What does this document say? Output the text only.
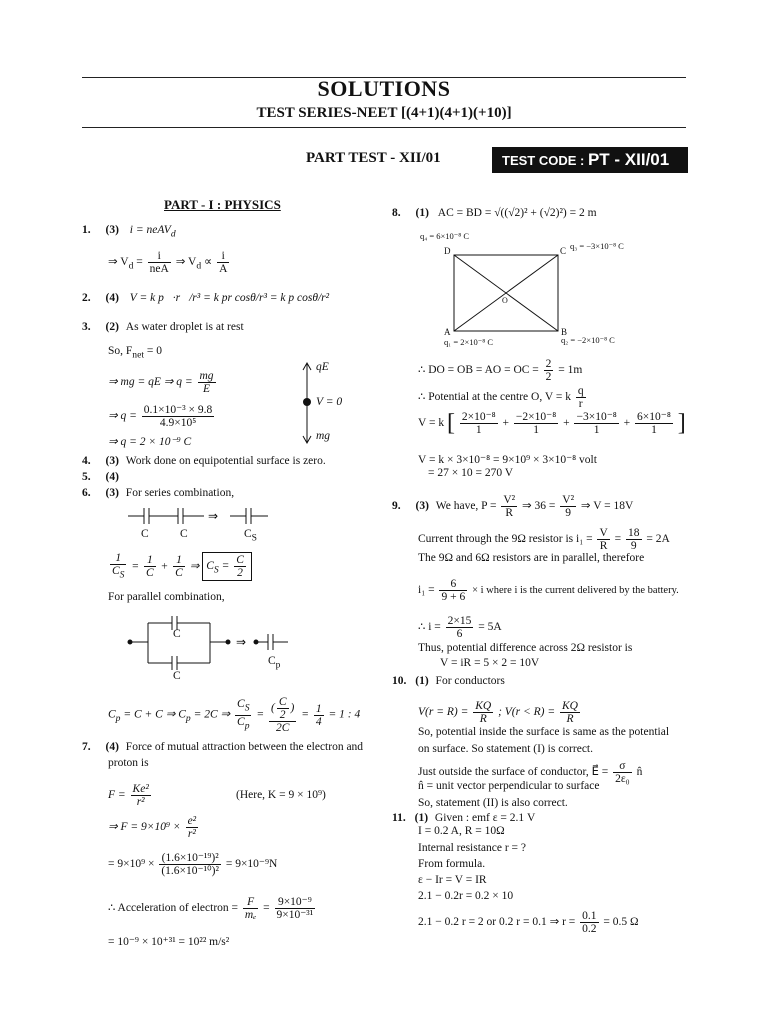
SOLUTIONS
TEST SERIES-NEET [(4+1)(4+1)(+10)]
PART TEST - XII/01	TEST CODE : PT - XII/01
PART - I : PHYSICS
1. (3) i = neAV$_d$
⇒ $V_d = \frac{i}{\text{neA}}$ ⇒ $V_d \propto \frac{i}{A}$
2. (4) V = k p⃗·r⃗/r³ = k pr cosθ/r³ = k p cosθ/r²
3. (2) As water droplet is at rest
So, $F_{net} = 0$
⇒ mg = qE ⇒ $q = \frac{mg}{E}$
⇒ $q = \frac{\text{0.1×10⁻³ × 9.8}}{\text{4.9×10⁵}}$
⇒ q = 2 × 10⁻⁹ C
qE
V = 0
mg
4. (3) Work done on equipotential surface is zero.
5. (4)
6. (3) For series combination,
⇒
C	C	$C_S$
$\frac{1}{C_S} = \frac{1}{C} + \frac{1}{C}$ ⇒ $C_S = \frac{C}{2}$
For parallel combination,
⇒
C
C
$C_p$
$C_p = C + C$ ⇒ $C_p = 2C$ ⇒ $\frac{C_S}{C_p} = \frac{( \frac{C}{2} )}{2C} = \frac{1}{4} = 1$ : 4
7. (4) Force of mutual attraction between the electron and
proton is
$F = \frac{\text{Ke²}}{\text{r²}}$	(Here, K = 9 × 10⁹)
⇒ $F = 9\times 10^9 \times \frac{\text{e²}}{\text{r²}}$
= $9\times 10^9 \times \frac{\text{(1.6×10⁻¹⁹)²}}{\text{(1.6×10⁻¹⁰)²}} = 9\times 10^{-9}N$
∴ Acceleration of electron = $\frac{F}{\text{mₑ}} = \frac{\text{9×10⁻⁹}}{\text{9×10⁻³¹}}$
= 10⁻⁹ × 10⁺³¹ = 10²² m/s²
8. (1) AC = BD = √((√2)² + (√2)²) = 2 m
q₄ = 6×10⁻⁸ C
q₃ = −3×10⁻⁸ C
D	C
O
A	B
q₁ = 2×10⁻⁸ C	q₂ = −2×10⁻⁸ C
∴ DO = OB = AO = OC = $\frac{2}{2} = 1m$
∴ Potential at the centre O, V = k $\frac{q}{r}$
V = k [ $\frac{\text{2×10⁻⁸}}{1} + \frac{\text{−2×10⁻⁸}}{1} + \frac{\text{−3×10⁻⁸}}{1} + \frac{\text{6×10⁻⁸}}{1}$ ]
V = k × 3×10⁻⁸ = 9×10⁹ × 3×10⁻⁸ volt
= 27 × 10 = 270 V
9. (3) We have, $P = \frac{\text{V²}}{R}$ ⇒ $36 = \frac{\text{V²}}{9}$ ⇒ V = 18V
Current through the 9Ω resistor is $i_1 = \frac{V}{R} = \frac{18}{9} = 2A$
The 9Ω and 6Ω resistors are in parallel, therefore
$i_1 = \frac{6}{9 + 6} \times i$ where i is the current delivered by the battery.
∴ $i = \frac{2\times 15}{6} = 5A$
Thus, potential difference across 2Ω resistor is
V = iR = 5 × 2 = 10V
10. (1) For conductors
$V(r = R) = \frac{KQ}{R}$ ; $V(r < R) = \frac{KQ}{R}$
So, potential inside the surface is same as the potential
on surface. So statement (I) is correct.
Just outside the surface of conductor, E⃗ = $\frac{\sigma}{\text{2ε₀}}$ n̂
n̂ = unit vector perpendicular to surface
So, statement (II) is also correct.
11. (1) Given : emf ε = 2.1 V
I = 0.2 A, R = 10Ω
Internal resistance r = ?
From formula.
ε − Ir = V = IR
2.1 − 0.2r = 0.2 × 10
2.1 − 0.2 r = 2 or 0.2 r = 0.1 ⇒ $r = \frac{0.1}{0.2} = 0.5$ Ω
